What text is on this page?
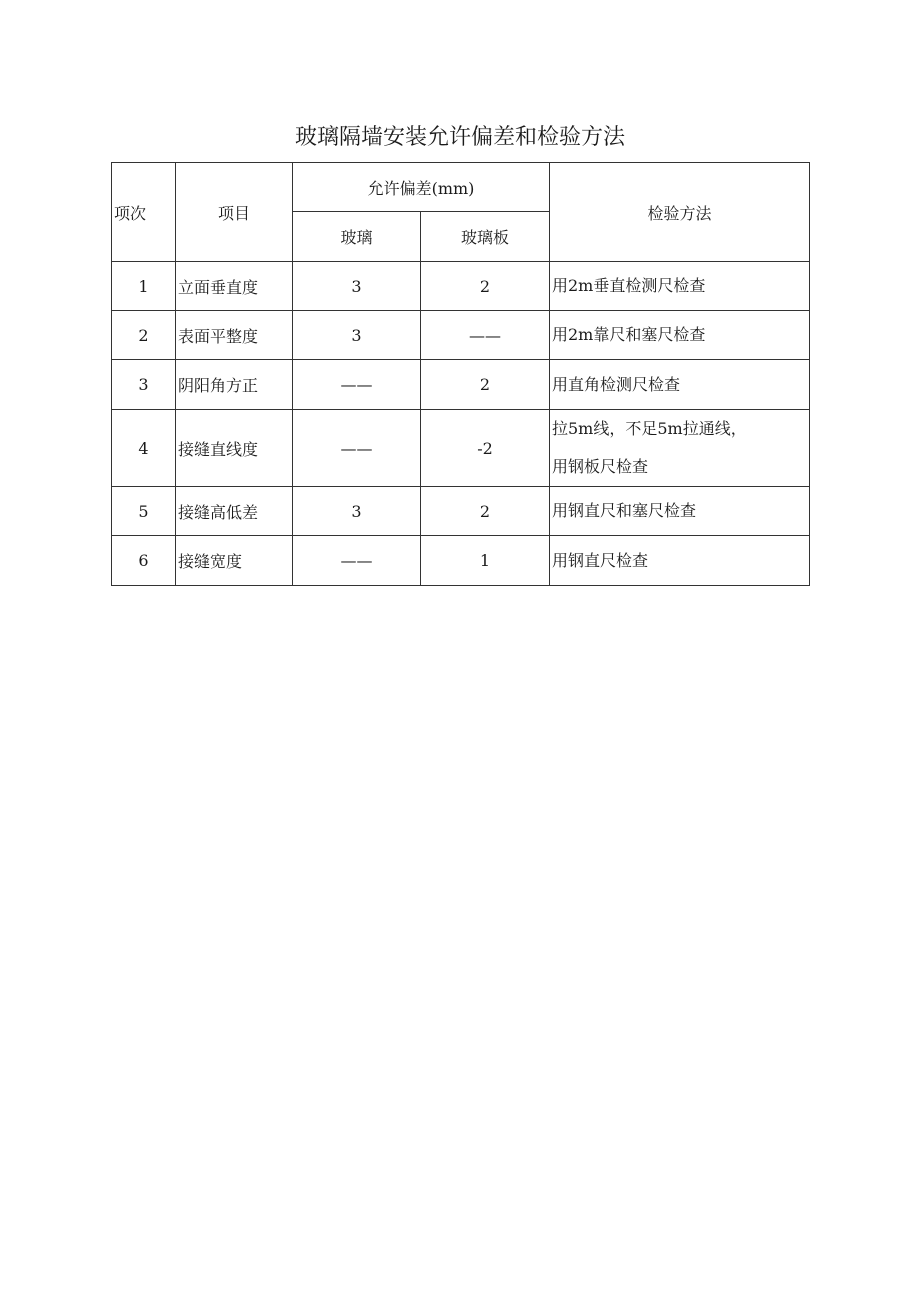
玻璃隔墙安装允许偏差和检验方法
项次	项目	允许偏差(mm)		检验方法
		玻璃	玻璃板	
1	立面垂直度	3	2	用2m垂直检测尺检查

2	表面平整度	3	——	用2m靠尺和塞尺检查

3	阴阳角方正	——	2	用直角检测尺检查

4	接缝直线度	——	-2	拉5m线，不足5m拉通线，
用钢板尺检查

5	接缝高低差	3	2	用钢直尺和塞尺检查

6	接缝宽度	——	1	用钢直尺检查
